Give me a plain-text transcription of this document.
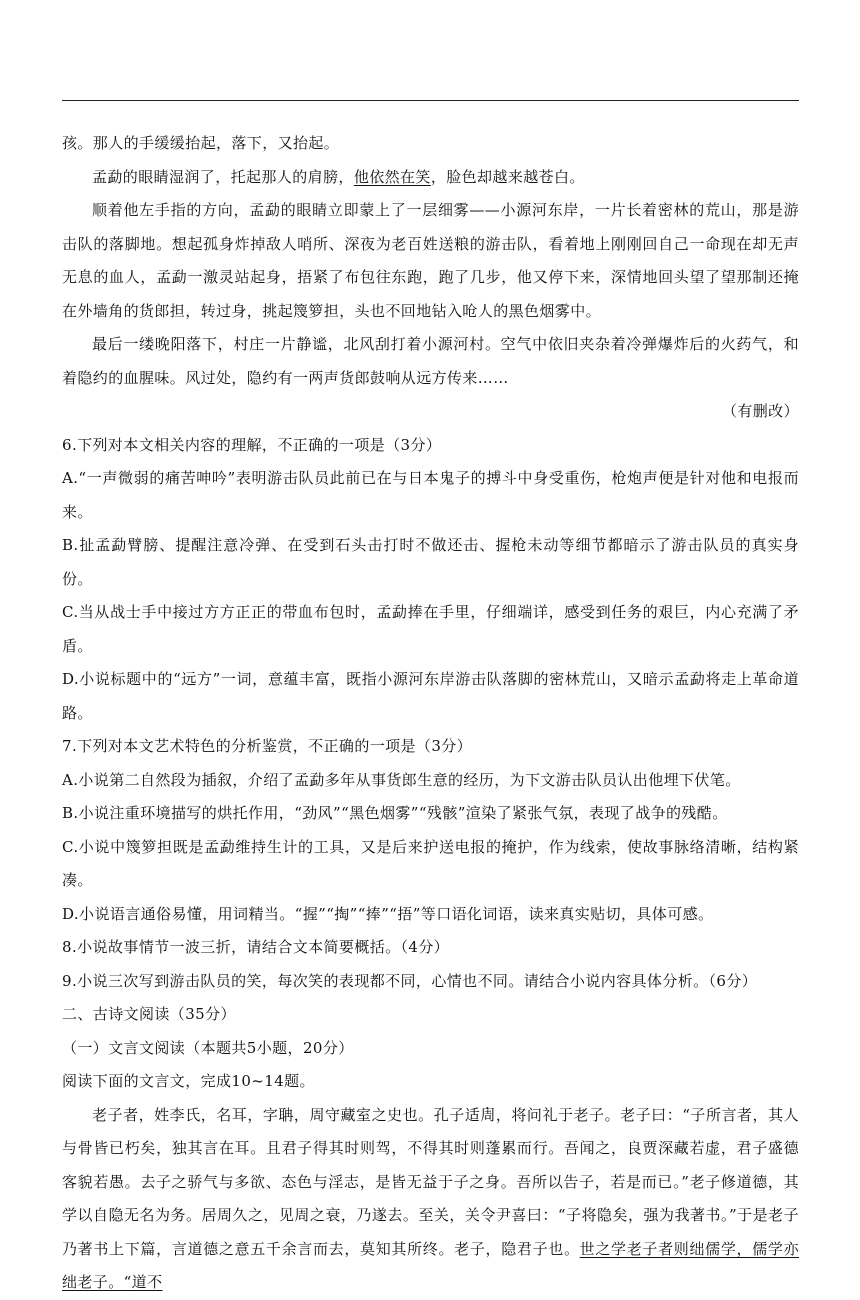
孩。那人的手缓缓抬起，落下，又抬起。

孟勐的眼睛湿润了，托起那人的肩膀，他依然在笑，脸色却越来越苍白。

顺着他左手指的方向，孟勐的眼睛立即蒙上了一层细雾——小源河东岸，一片长着密林的荒山，那是游击队的落脚地。想起孤身炸掉敌人哨所、深夜为老百姓送粮的游击队，看着地上刚刚回自己一命现在却无声无息的血人，孟勐一激灵站起身，捂紧了布包往东跑，跑了几步，他又停下来，深情地回头望了望那制还掩在外墙角的货郎担，转过身，挑起篾箩担，头也不回地钻入呛人的黑色烟雾中。

最后一缕晚阳落下，村庄一片静谧，北风刮打着小源河村。空气中依旧夹杂着冷弹爆炸后的火药气，和着隐约的血腥味。风过处，隐约有一两声货郎鼓响从远方传来……

（有删改）

6.下列对本文相关内容的理解，不正确的一项是（3分）

A.“一声微弱的痛苦呻吟”表明游击队员此前已在与日本鬼子的搏斗中身受重伤，枪炮声便是针对他和电报而来。

B.扯孟勐臂膀、提醒注意冷弹、在受到石头击打时不做还击、握枪未动等细节都暗示了游击队员的真实身份。

C.当从战士手中接过方方正正的带血布包时，孟勐捧在手里，仔细端详，感受到任务的艰巨，内心充满了矛盾。

D.小说标题中的“远方”一词，意蕴丰富，既指小源河东岸游击队落脚的密林荒山，又暗示孟勐将走上革命道路。

7.下列对本文艺术特色的分析鉴赏，不正确的一项是（3分）

A.小说第二自然段为插叙，介绍了孟勐多年从事货郎生意的经历，为下文游击队员认出他埋下伏笔。

B.小说注重环境描写的烘托作用，“劲风”“黑色烟雾”“残骸”渲染了紧张气氛，表现了战争的残酷。

C.小说中篾箩担既是孟勐维持生计的工具，又是后来护送电报的掩护，作为线索，使故事脉络清晰，结构紧凑。

D.小说语言通俗易懂，用词精当。“握”“掏”“捧”“捂”等口语化词语，读来真实贴切，具体可感。

8.小说故事情节一波三折，请结合文本简要概括。（4分）

9.小说三次写到游击队员的笑，每次笑的表现都不同，心情也不同。请结合小说内容具体分析。（6分）

二、古诗文阅读（35分）

（一）文言文阅读（本题共5小题，20分）

阅读下面的文言文，完成10~14题。

老子者，姓李氏，名耳，字聃，周守藏室之史也。孔子适周，将问礼于老子。老子曰：“子所言者，其人与骨皆已朽矣，独其言在耳。且君子得其时则驾，不得其时则蓬累而行。吾闻之，良贾深藏若虚，君子盛德客貌若愚。去子之骄气与多欲、态色与淫志，是皆无益于子之身。吾所以告子，若是而已。”老子修道德，其学以自隐无名为务。居周久之，见周之衰，乃遂去。至关，关令尹喜曰：“子将隐矣，强为我著书。”于是老子乃著书上下篇，言道德之意五千余言而去，莫知其所终。老子，隐君子也。世之学老子者则绌儒学，儒学亦绌老子。“道不
